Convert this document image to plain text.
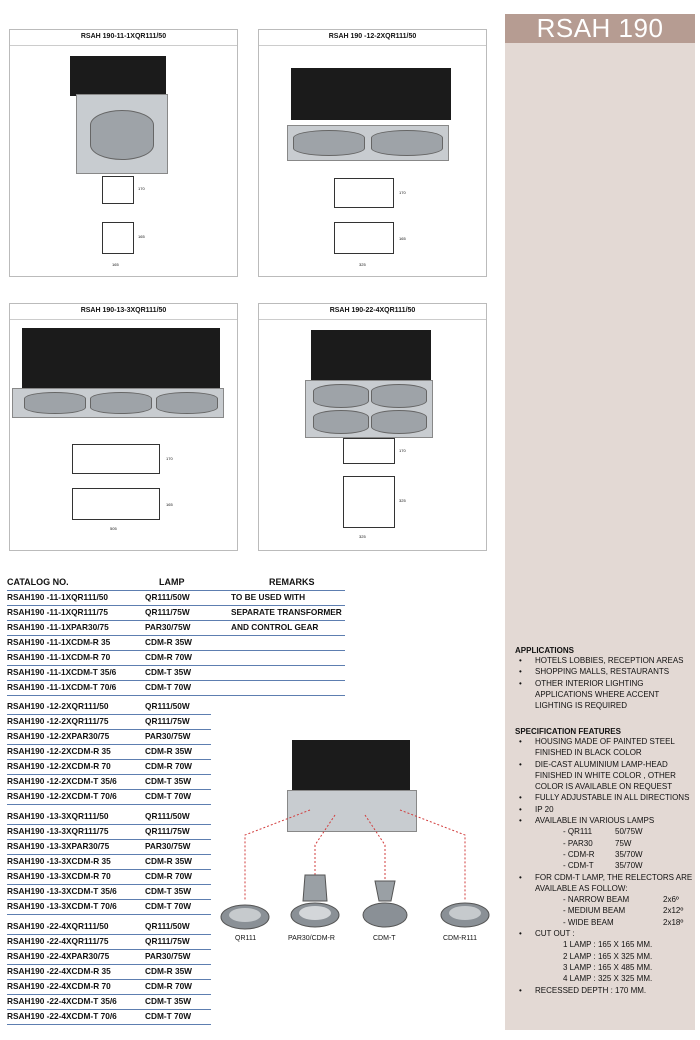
RSAH 190
APPLICATIONS
• HOTELS LOBBIES, RECEPTION AREAS
• SHOPPING MALLS, RESTAURANTS
• OTHER INTERIOR LIGHTING APPLICATIONS WHERE ACCENT LIGHTING IS REQUIRED
SPECIFICATION FEATURES
• HOUSING MADE OF PAINTED STEEL FINISHED IN BLACK COLOR
• DIE-CAST ALUMINIUM LAMP-HEAD FINISHED IN WHITE COLOR , OTHER COLOR IS AVAILABLE ON REQUEST
• FULLY ADJUSTABLE IN ALL DIRECTIONS
• IP 20
• AVAILABLE IN VARIOUS LAMPS
- QR111	50/75W
- PAR30	75W
- CDM-R	35/70W
- CDM-T	35/70W
• FOR CDM-T LAMP, THE RELECTORS ARE AVAILABLE AS FOLLOW:
- NARROW BEAM	2x6º
- MEDIUM BEAM	2x12º
- WIDE BEAM	2x18º
• CUT OUT :
1 LAMP : 165 X 165 MM.
2 LAMP : 165 X 325 MM.
3 LAMP : 165 X 485 MM.
4 LAMP : 325 X 325 MM.
• RECESSED DEPTH : 170 MM.
RSAH 190-11-1XQR111/50
170
165
165
RSAH 190 -12-2XQR111/50
170
165
325
RSAH 190-13-3XQR111/50
170
165
505
RSAH 190-22-4XQR111/50
170
325
325
CATALOG NO.	LAMP	REMARKS
RSAH190 -11-1XQR111/50	QR111/50W	TO BE USED WITH
RSAH190 -11-1XQR111/75	QR111/75W	SEPARATE TRANSFORMER
RSAH190 -11-1XPAR30/75	PAR30/75W	AND CONTROL GEAR
RSAH190 -11-1XCDM-R 35	CDM-R 35W
RSAH190 -11-1XCDM-R 70	CDM-R 70W
RSAH190 -11-1XCDM-T 35/6	CDM-T 35W
RSAH190 -11-1XCDM-T 70/6	CDM-T 70W
RSAH190 -12-2XQR111/50	QR111/50W
RSAH190 -12-2XQR111/75	QR111/75W
RSAH190 -12-2XPAR30/75	PAR30/75W
RSAH190 -12-2XCDM-R 35	CDM-R 35W
RSAH190 -12-2XCDM-R 70	CDM-R 70W
RSAH190 -12-2XCDM-T 35/6	CDM-T 35W
RSAH190 -12-2XCDM-T 70/6	CDM-T 70W
RSAH190 -13-3XQR111/50	QR111/50W
RSAH190 -13-3XQR111/75	QR111/75W
RSAH190 -13-3XPAR30/75	PAR30/75W
RSAH190 -13-3XCDM-R 35	CDM-R 35W
RSAH190 -13-3XCDM-R 70	CDM-R 70W
RSAH190 -13-3XCDM-T 35/6	CDM-T 35W
RSAH190 -13-3XCDM-T 70/6	CDM-T 70W
RSAH190 -22-4XQR111/50	QR111/50W
RSAH190 -22-4XQR111/75	QR111/75W
RSAH190 -22-4XPAR30/75	PAR30/75W
RSAH190 -22-4XCDM-R 35	CDM-R 35W
RSAH190 -22-4XCDM-R 70	CDM-R 70W
RSAH190 -22-4XCDM-T 35/6	CDM-T 35W
RSAH190 -22-4XCDM-T 70/6	CDM-T 70W
QR111	PAR30/CDM-R	CDM-T	CDM-R111
